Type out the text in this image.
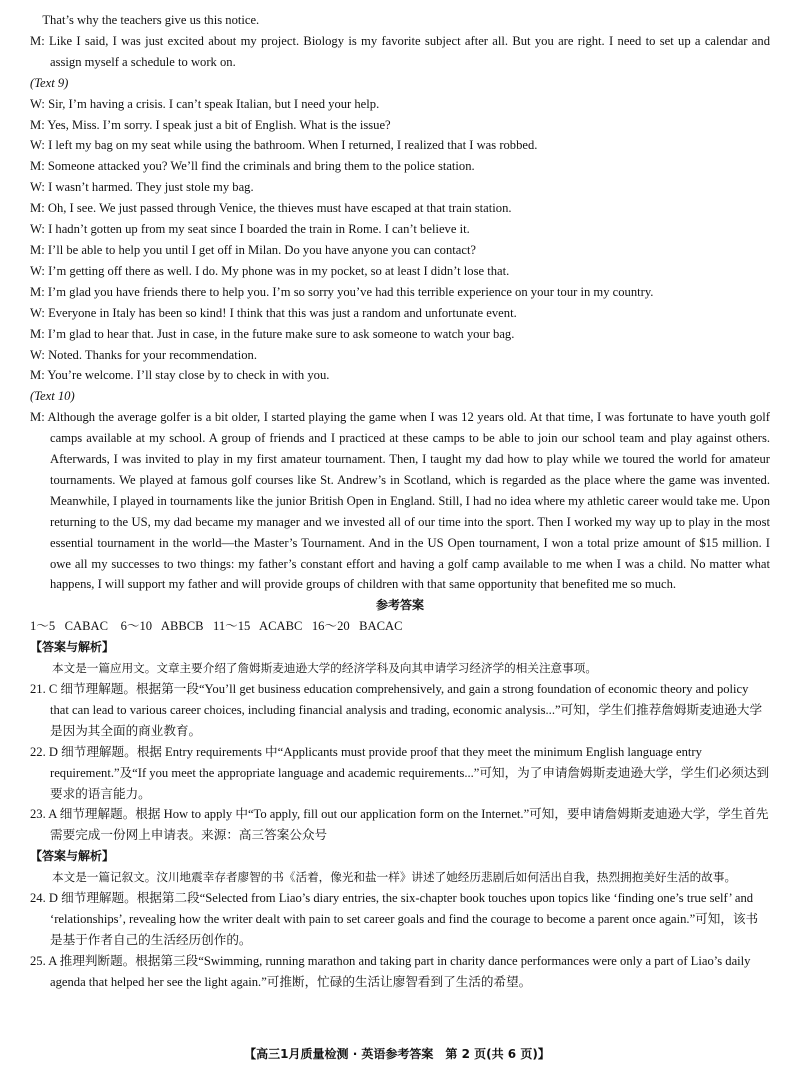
That’s why the teachers give us this notice.
M: Like I said, I was just excited about my project. Biology is my favorite subject after all. But you are right. I need to set up a calendar and assign myself a schedule to work on.
(Text 9)
W: Sir, I’m having a crisis. I can’t speak Italian, but I need your help.
M: Yes, Miss. I’m sorry. I speak just a bit of English. What is the issue?
W: I left my bag on my seat while using the bathroom. When I returned, I realized that I was robbed.
M: Someone attacked you? We’ll find the criminals and bring them to the police station.
W: I wasn’t harmed. They just stole my bag.
M: Oh, I see. We just passed through Venice, the thieves must have escaped at that train station.
W: I hadn’t gotten up from my seat since I boarded the train in Rome. I can’t believe it.
M: I’ll be able to help you until I get off in Milan. Do you have anyone you can contact?
W: I’m getting off there as well. I do. My phone was in my pocket, so at least I didn’t lose that.
M: I’m glad you have friends there to help you. I’m so sorry you’ve had this terrible experience on your tour in my country.
W: Everyone in Italy has been so kind! I think that this was just a random and unfortunate event.
M: I’m glad to hear that. Just in case, in the future make sure to ask someone to watch your bag.
W: Noted. Thanks for your recommendation.
M: You’re welcome. I’ll stay close by to check in with you.
(Text 10)
M: Although the average golfer is a bit older, I started playing the game when I was 12 years old. At that time, I was fortunate to have youth golf camps available at my school. A group of friends and I practiced at these camps to be able to join our school team and play against others. Afterwards, I was invited to play in my first amateur tournament. Then, I taught my dad how to play while we toured the world for amateur tournaments. We played at famous golf courses like St. Andrew’s in Scotland, which is regarded as the place where the game was invented. Meanwhile, I played in tournaments like the junior British Open in England. Still, I had no idea where my athletic career would take me. Upon returning to the US, my dad became my manager and we invested all of our time into the sport. Then I worked my way up to play in the most essential tournament in the world—the Master’s Tournament. And in the US Open tournament, I won a total prize amount of $15 million. I owe all my successes to two things: my father’s constant effort and having a golf camp available to me when I was a child. No matter what happens, I will support my father and will provide groups of children with that same opportunity that benefited me so much.
参考答案
1～5   CABAC    6～10   ABBCB   11～15   ACABC   16～20   BACAC
【答案与解析】
本文是一篇应用文。文章主要介绍了詹姆斯麦迪逊大学的经济学科及向其申请学习经济学的相关注意事项。
21. C 细节理解题。根据第一段“You’ll get business education comprehensively, and gain a strong foundation of economic theory and policy that can lead to various career choices, including financial analysis and trading, economic analysis...”可知，学生们推荐詹姆斯麦迪逊大学是因为其全面的商业教育。
22. D 细节理解题。根据 Entry requirements 中“Applicants must provide proof that they meet the minimum English language entry requirement.”及“If you meet the appropriate language and academic requirements...”可知，为了申请詹姆斯麦迪逊大学，学生们必须达到要求的语言能力。
23. A 细节理解题。根据 How to apply 中“To apply, fill out our application form on the Internet.”可知，要申请詹姆斯麦迪逊大学，学生首先需要完成一份网上申请表。来源：高三答案公众号
【答案与解析】
本文是一篇记叙文。汶川地震幸存者廖智的书《活着，像光和盐一样》讲述了她经历悲剧后如何活出自我，热烈拥抱美好生活的故事。
24. D 细节理解题。根据第二段“Selected from Liao’s diary entries, the six-chapter book touches upon topics like ‘finding one’s true self’ and ‘relationships’, revealing how the writer dealt with pain to set career goals and find the courage to become a parent once again.”可知，该书是基于作者自己的生活经历创作的。
25. A 推理判断题。根据第三段“Swimming, running marathon and taking part in charity dance performances were only a part of Liao’s daily agenda that helped her see the light again.”可推断，忙碌的生活让廖智看到了生活的希望。
【高三1月质量检测 · 英语参考答案　第 2 页(共 6 页)】
